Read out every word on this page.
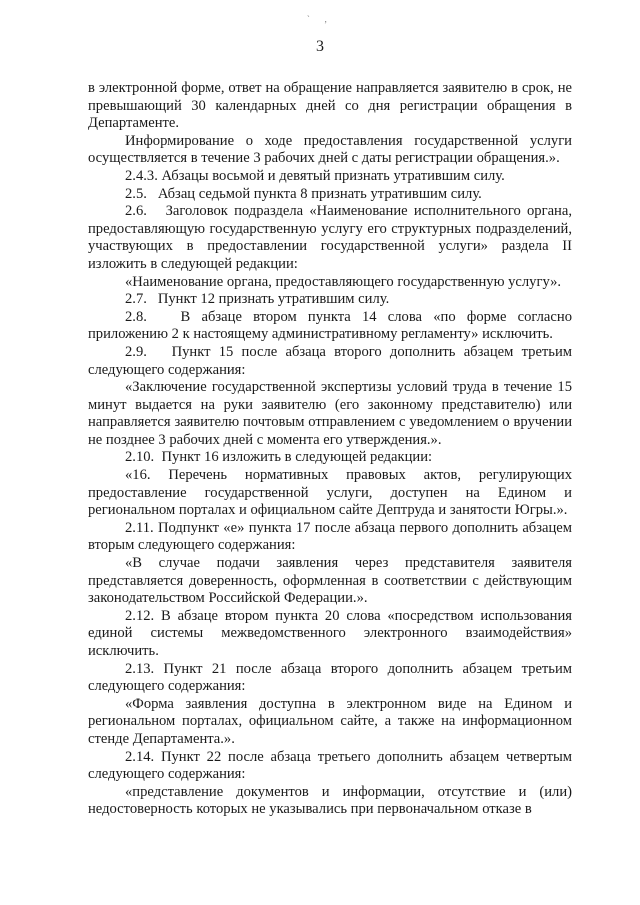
` ‚
3

в электронной форме, ответ на обращение направляется заявителю в срок, не превышающий 30 календарных дней со дня регистрации обращения в Департаменте.

Информирование о ходе предоставления государственной услуги осуществляется в течение 3 рабочих дней с даты регистрации обращения.».

2.4.3. Абзацы восьмой и девятый признать утратившим силу.

2.5.   Абзац седьмой пункта 8 признать утратившим силу.

2.6.   Заголовок подраздела «Наименование исполнительного органа, предоставляющую государственную услугу его структурных подразделений, участвующих в предоставлении государственной услуги» раздела II изложить в следующей редакции:

«Наименование органа, предоставляющего государственную услугу».

2.7.   Пункт 12 признать утратившим силу.

2.8.   В абзаце втором пункта 14 слова «по форме согласно приложению 2 к настоящему административному регламенту» исключить.

2.9.   Пункт 15 после абзаца второго дополнить абзацем третьим следующего содержания:

«Заключение государственной экспертизы условий труда в течение 15 минут выдается на руки заявителю (его законному представителю) или направляется заявителю почтовым отправлением с уведомлением о вручении не позднее 3 рабочих дней с момента его утверждения.».

2.10.  Пункт 16 изложить в следующей редакции:

«16. Перечень нормативных правовых актов, регулирующих предоставление государственной услуги, доступен на Едином и региональном порталах и официальном сайте Дептруда и занятости Югры.».

2.11. Подпункт «е» пункта 17 после абзаца первого дополнить абзацем вторым следующего содержания:

«В случае подачи заявления через представителя заявителя представляется доверенность, оформленная в соответствии с действующим законодательством Российской Федерации.».

2.12. В абзаце втором пункта 20 слова «посредством использования единой системы межведомственного электронного взаимодействия» исключить.

2.13. Пункт 21 после абзаца второго дополнить абзацем третьим следующего содержания:

«Форма заявления доступна в электронном виде на Едином и региональном порталах, официальном сайте, а также на информационном стенде Департамента.».

2.14. Пункт 22 после абзаца третьего дополнить абзацем четвертым следующего содержания:

«представление документов и информации, отсутствие и (или) недостоверность которых не указывались при первоначальном отказе в
